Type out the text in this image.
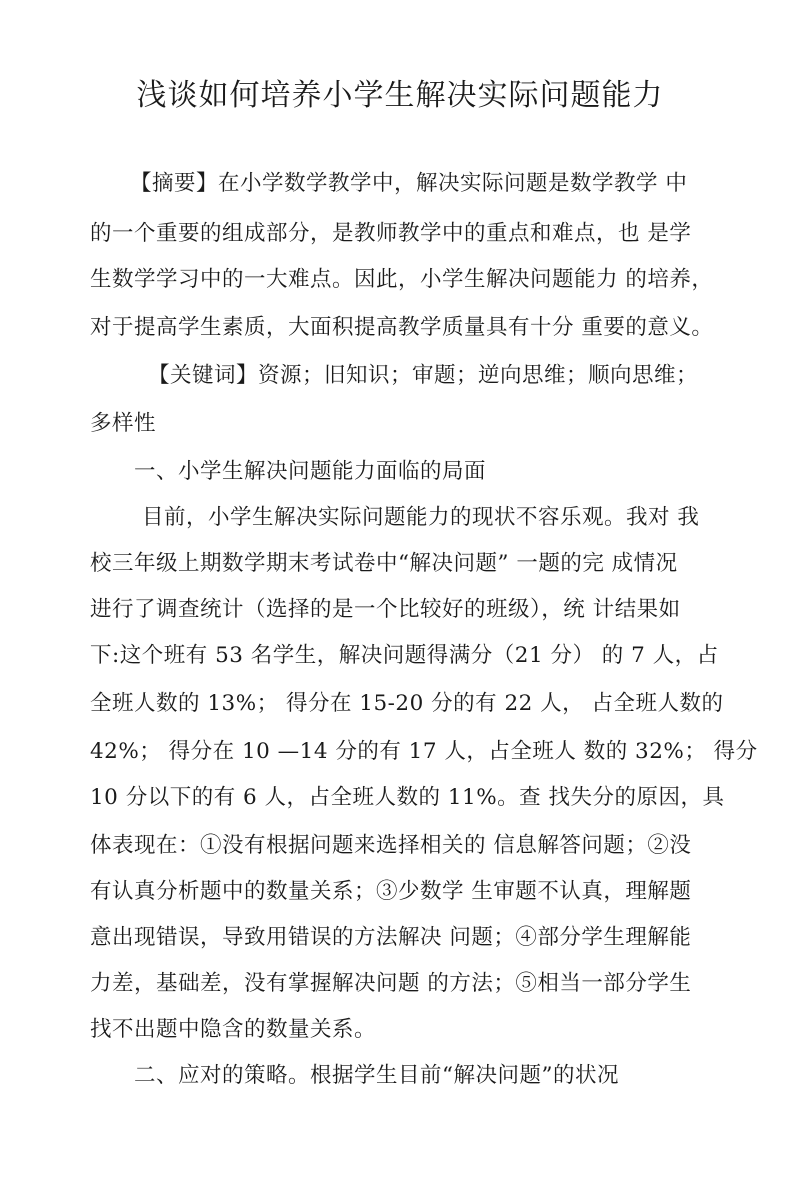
浅谈如何培养小学生解决实际问题能力
【摘要】在小学数学教学中，解决实际问题是数学教学 中
的一个重要的组成部分，是教师教学中的重点和难点，也 是学
生数学学习中的一大难点。因此，小学生解决问题能力 的培养，
对于提高学生素质，大面积提高教学质量具有十分 重要的意义。
【关键词】资源；旧知识；审题；逆向思维；顺向思维；
多样性
一、小学生解决问题能力面临的局面
目前，小学生解决实际问题能力的现状不容乐观。我对 我
校三年级上期数学期末考试卷中“解决问题” 一题的完 成情况
进行了调查统计（选择的是一个比较好的班级），统 计结果如
下:这个班有 53 名学生，解决问题得满分（21 分） 的 7 人，占
全班人数的 13%； 得分在 15-20 分的有 22 人， 占全班人数的
42%； 得分在 10 —14 分的有 17 人，占全班人 数的 32%； 得分
10 分以下的有 6 人，占全班人数的 11%。查 找失分的原因，具
体表现在：①没有根据问题来选择相关的 信息解答问题；②没
有认真分析题中的数量关系；③少数学 生审题不认真，理解题
意出现错误，导致用错误的方法解决 问题；④部分学生理解能
力差，基础差，没有掌握解决问题 的方法；⑤相当一部分学生
找不出题中隐含的数量关系。
二、应对的策略。根据学生目前“解决问题”的状况
